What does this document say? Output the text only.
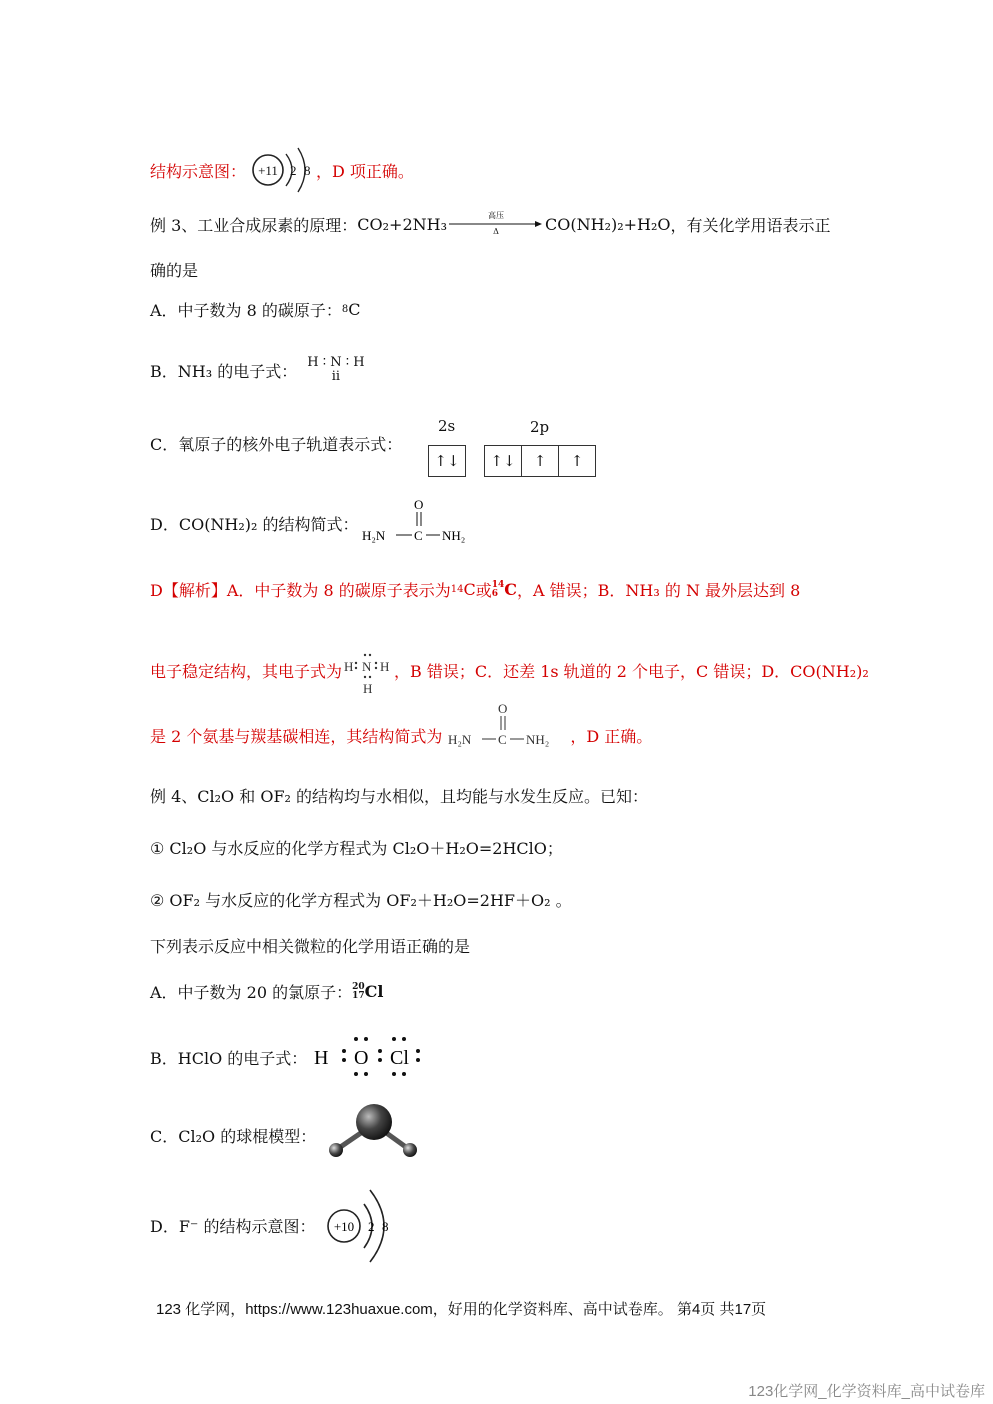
结构示意图： +11 2 8 ，D 项正确。
例 3、工业合成尿素的原理： CO₂+2NH₃	高压
Δ	CO(NH₂)₂+H₂O ，有关化学用语表示正
确的是
A．中子数为 8 的碳原子： 8 C
B．NH₃ 的电子式： H ∶ N ∶ H
ii
C．氧原子的核外电子轨道表示式：
2s	2p
↑↓	↑↓	↑	↑
D．CO(NH₂)₂ 的结构简式：
O
H₂N C NH₂
D【解析】A．中子数为 8 的碳原子表示为 14 C 或 14
6 C ，A 错误；B．NH₃ 的 N 最外层达到 8
电子稳定结构，其电子式为 H N H
H
，B 错误；C．还差 1s 轨道的 2 个电子，C 错误；D．CO(NH₂)₂
是 2 个氨基与羰基碳相连，其结构简式为
O
H₂N C NH₂ ，D 正确。
例 4、Cl₂O 和 OF₂ 的结构均与水相似，且均能与水发生反应。已知：
① Cl₂O 与水反应的化学方程式为 Cl₂O＋H₂O=2HClO；
② OF₂ 与水反应的化学方程式为 OF₂＋H₂O=2HF＋O₂ 。
下列表示反应中相关微粒的化学用语正确的是
A．中子数为 20 的氯原子： 20
17 Cl
B．HClO 的电子式： H O Cl
C．Cl₂O 的球棍模型：
D．F⁻ 的结构示意图： +10 2 8
123 化学网，https://www.123huaxue.com，好用的化学资料库、高中试卷库。 第4页 共17页
123化学网_化学资料库_高中试卷库
